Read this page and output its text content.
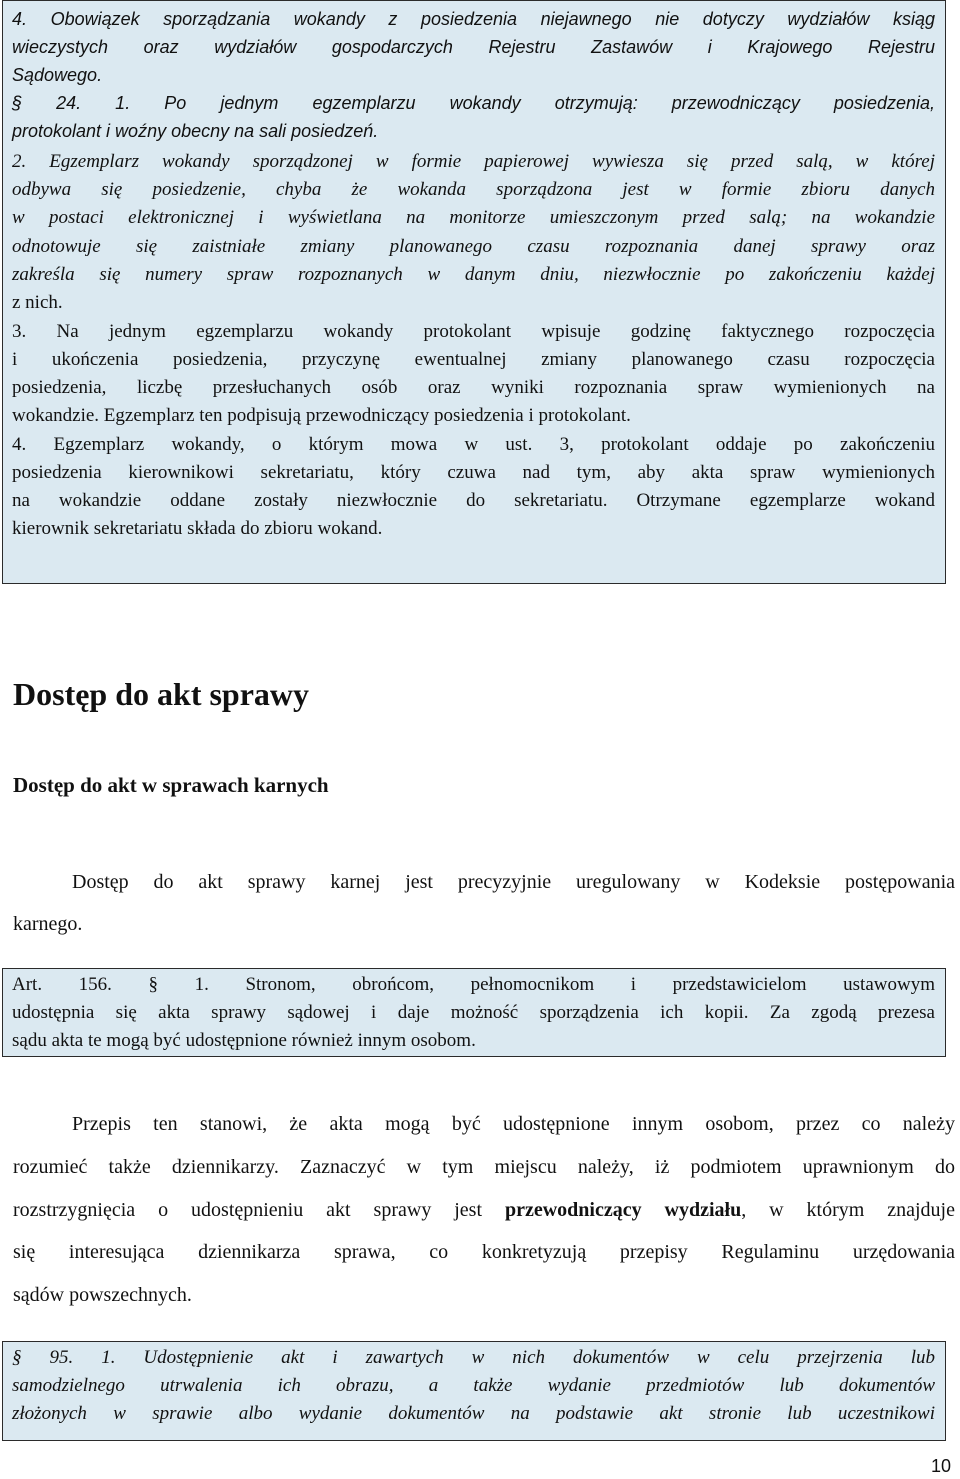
4. Obowiązek sporządzania wokandy z posiedzenia niejawnego nie dotyczy wydziałów ksiąg
wieczystych oraz wydziałów gospodarczych Rejestru Zastawów i Krajowego Rejestru
Sądowego.
§ 24. 1. Po jednym egzemplarzu wokandy otrzymują: przewodniczący posiedzenia,
protokolant i woźny obecny na sali posiedzeń.
2. Egzemplarz wokandy sporządzonej w formie papierowej wywiesza się przed salą, w której
odbywa się posiedzenie, chyba że wokanda sporządzona jest w formie zbioru danych
w postaci elektronicznej i wyświetlana na monitorze umieszczonym przed salą; na wokandzie
odnotowuje się zaistniałe zmiany planowanego czasu rozpoznania danej sprawy oraz
zakreśla się numery spraw rozpoznanych w danym dniu, niezwłocznie po zakończeniu każdej
z nich.
3. Na jednym egzemplarzu wokandy protokolant wpisuje godzinę faktycznego rozpoczęcia
i ukończenia posiedzenia, przyczynę ewentualnej zmiany planowanego czasu rozpoczęcia
posiedzenia, liczbę przesłuchanych osób oraz wyniki rozpoznania spraw wymienionych na
wokandzie. Egzemplarz ten podpisują przewodniczący posiedzenia i protokolant.
4. Egzemplarz wokandy, o którym mowa w ust. 3, protokolant oddaje po zakończeniu
posiedzenia kierownikowi sekretariatu, który czuwa nad tym, aby akta spraw wymienionych
na wokandzie oddane zostały niezwłocznie do sekretariatu. Otrzymane egzemplarze wokand
kierownik sekretariatu składa do zbioru wokand.
Dostęp do akt sprawy
Dostęp do akt w sprawach karnych
Dostęp do akt sprawy karnej jest precyzyjnie uregulowany w Kodeksie postępowania
karnego.
Art. 156. § 1. Stronom, obrońcom, pełnomocnikom i przedstawicielom ustawowym
udostępnia się akta sprawy sądowej i daje możność sporządzenia ich kopii. Za zgodą prezesa
sądu akta te mogą być udostępnione również innym osobom.
Przepis ten stanowi, że akta mogą być udostępnione innym osobom, przez co należy
rozumieć także dziennikarzy. Zaznaczyć w tym miejscu należy, iż podmiotem uprawnionym do
rozstrzygnięcia o udostępnieniu akt sprawy jest przewodniczący wydziału, w którym znajduje
się interesująca dziennikarza sprawa, co konkretyzują przepisy Regulaminu urzędowania
sądów powszechnych.
§ 95. 1. Udostępnienie akt i zawartych w nich dokumentów w celu przejrzenia lub
samodzielnego utrwalenia ich obrazu, a także wydanie przedmiotów lub dokumentów
złożonych w sprawie albo wydanie dokumentów na podstawie akt stronie lub uczestnikowi
10
